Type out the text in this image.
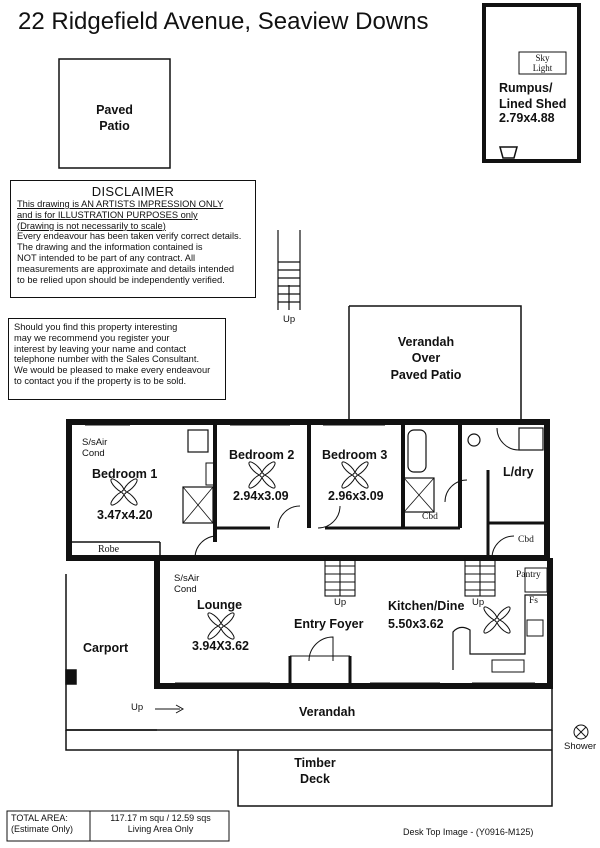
22 Ridgefield Avenue, Seaview Downs
Paved
Patio
Sky
Light
Rumpus/
Lined Shed
2.79x4.88
DISCLAIMER
This drawing is AN ARTISTS IMPRESSION ONLY
and is for ILLUSTRATION PURPOSES only
(Drawing is not necessarily to scale)
Every endeavour has been taken verify correct details.
The drawing and the information contained is
NOT intended to be part of any contract. All
measurements are approximate and details intended
to be relied upon should be independently verified.
Should you find this property interesting
may we recommend you register your
interest by leaving your name and contact
telephone number with the Sales Consultant.
We would be pleased to make every endeavour
to contact you if the property is to be sold.
Up
Verandah
Over
Paved Patio
S/sAir
Cond
Bedroom 1
3.47x4.20
Robe
Bedroom 2
2.94x3.09
Bedroom 3
2.96x3.09
L/dry
Cbd
Cbd
S/sAir
Cond
Lounge
3.94X3.62
Up
Entry Foyer
Kitchen/Dine
5.50x3.62
Up
Pantry
Fs
Carport
Up	Verandah
Shower
Timber
Deck
TOTAL AREA:
(Estimate Only)
117.17 m squ / 12.59 sqs
Living Area Only	Desk Top Image - (Y0916-M125)
